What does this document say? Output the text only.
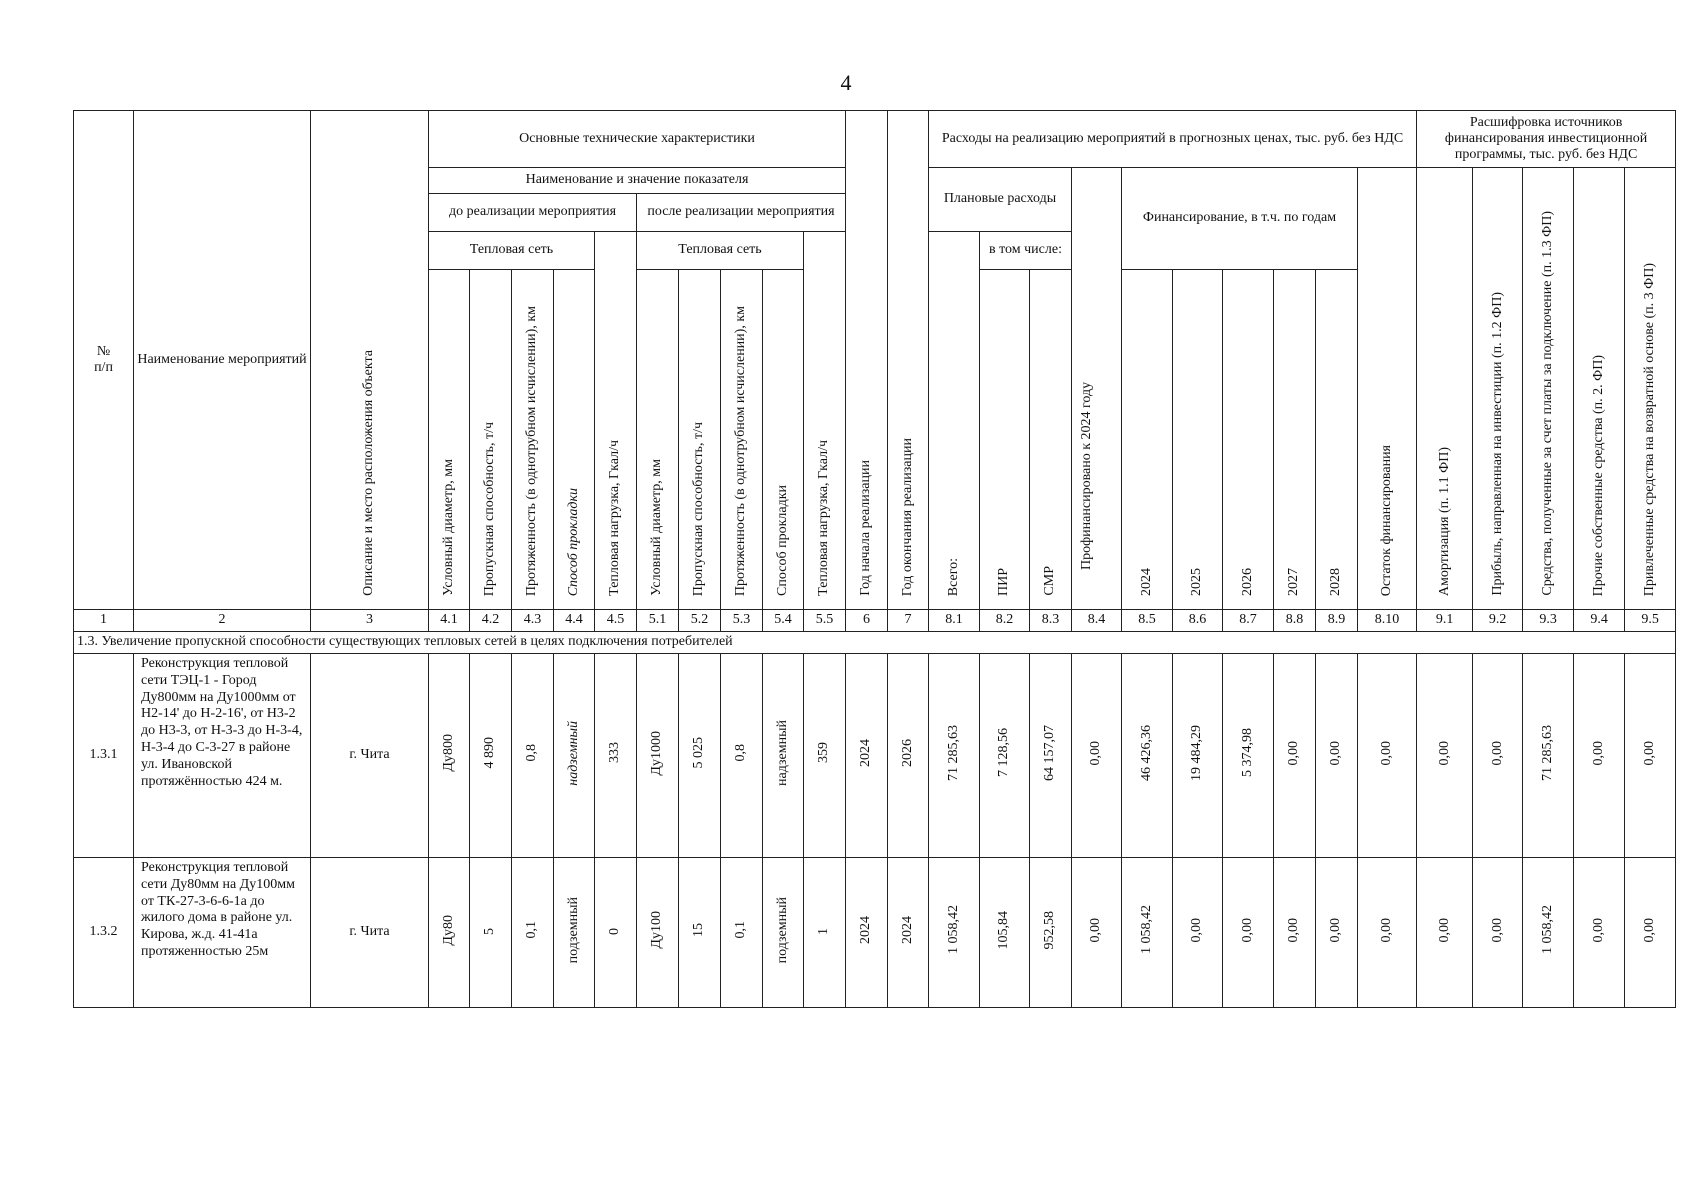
4
№
п/п	Наименование мероприятий	Описание и место расположения объекта	Основные технические характеристики										Год начала реализации	Год окончания реализации	Расходы на реализацию мероприятий в прогнозных ценах, тыс. руб. без НДС										Расшифровка источников финансирования инвестиционной программы, тыс. руб. без НДС				
			Наименование и значение показателя												Плановые расходы			Профинансировано к 2024 году	Финансирование, в т.ч. по годам					Остаток финансирования	Амортизация (п. 1.1 ФП)	Прибыль, направленная на инвестиции (п. 1.2 ФП)	Средства, полученные за счет платы за подключение (п. 1.3 ФП)	Прочие собственные средства (п. 2. ФП)	Привлеченные средства на возвратной основе (п. 3 ФП)
			до реализации мероприятия					после реализации мероприятия																					
			Тепловая сеть				Тепловая нагрузка, Гкал/ч	Тепловая сеть				Тепловая нагрузка, Гкал/ч			Всего:	в том числе:													
			Условный диаметр, мм	Пропускная способность, т/ч	Протяженность (в однотрубном исчислении), км	Способ прокладки		Условный диаметр, мм	Пропускная способность, т/ч	Протяженность (в однотрубном исчислении), км	Способ прокладки					ПИР	СМР		2024	2025	2026	2027	2028						

1	2	3	4.1	4.2	4.3	4.4	4.5	5.1	5.2	5.3	5.4	5.5	6	7	8.1	8.2	8.3	8.4	8.5	8.6	8.7	8.8	8.9	8.10	9.1	9.2	9.3	9.4	9.5
1.3. Увеличение пропускной способности существующих тепловых сетей в целях подключения потребителей																													
1.3.1	Реконструкция тепловой сети ТЭЦ-1 - Город Ду800мм на Ду1000мм от Н2-14' до Н-2-16', от Н3-2 до Н3-3, от Н-3-3 до Н-3-4, Н-3-4 до С-3-27 в районе ул. Ивановской протяжённостью 424 м.	г. Чита	Ду800	4 890	0,8	надземный	333	Ду1000	5 025	0,8	надземный	359	2024	2026	71 285,63	7 128,56	64 157,07	0,00	46 426,36	19 484,29	5 374,98	0,00	0,00	0,00	0,00	0,00	71 285,63	0,00	0,00
1.3.2	Реконструкция тепловой сети Ду80мм на Ду100мм от ТК-27-3-6-6-1а до жилого дома в районе ул. Кирова, ж.д. 41-41а протяженностью 25м	г. Чита	Ду80	5	0,1	подземный	0	Ду100	15	0,1	подземный	1	2024	2024	1 058,42	105,84	952,58	0,00	1 058,42	0,00	0,00	0,00	0,00	0,00	0,00	0,00	1 058,42	0,00	0,00
